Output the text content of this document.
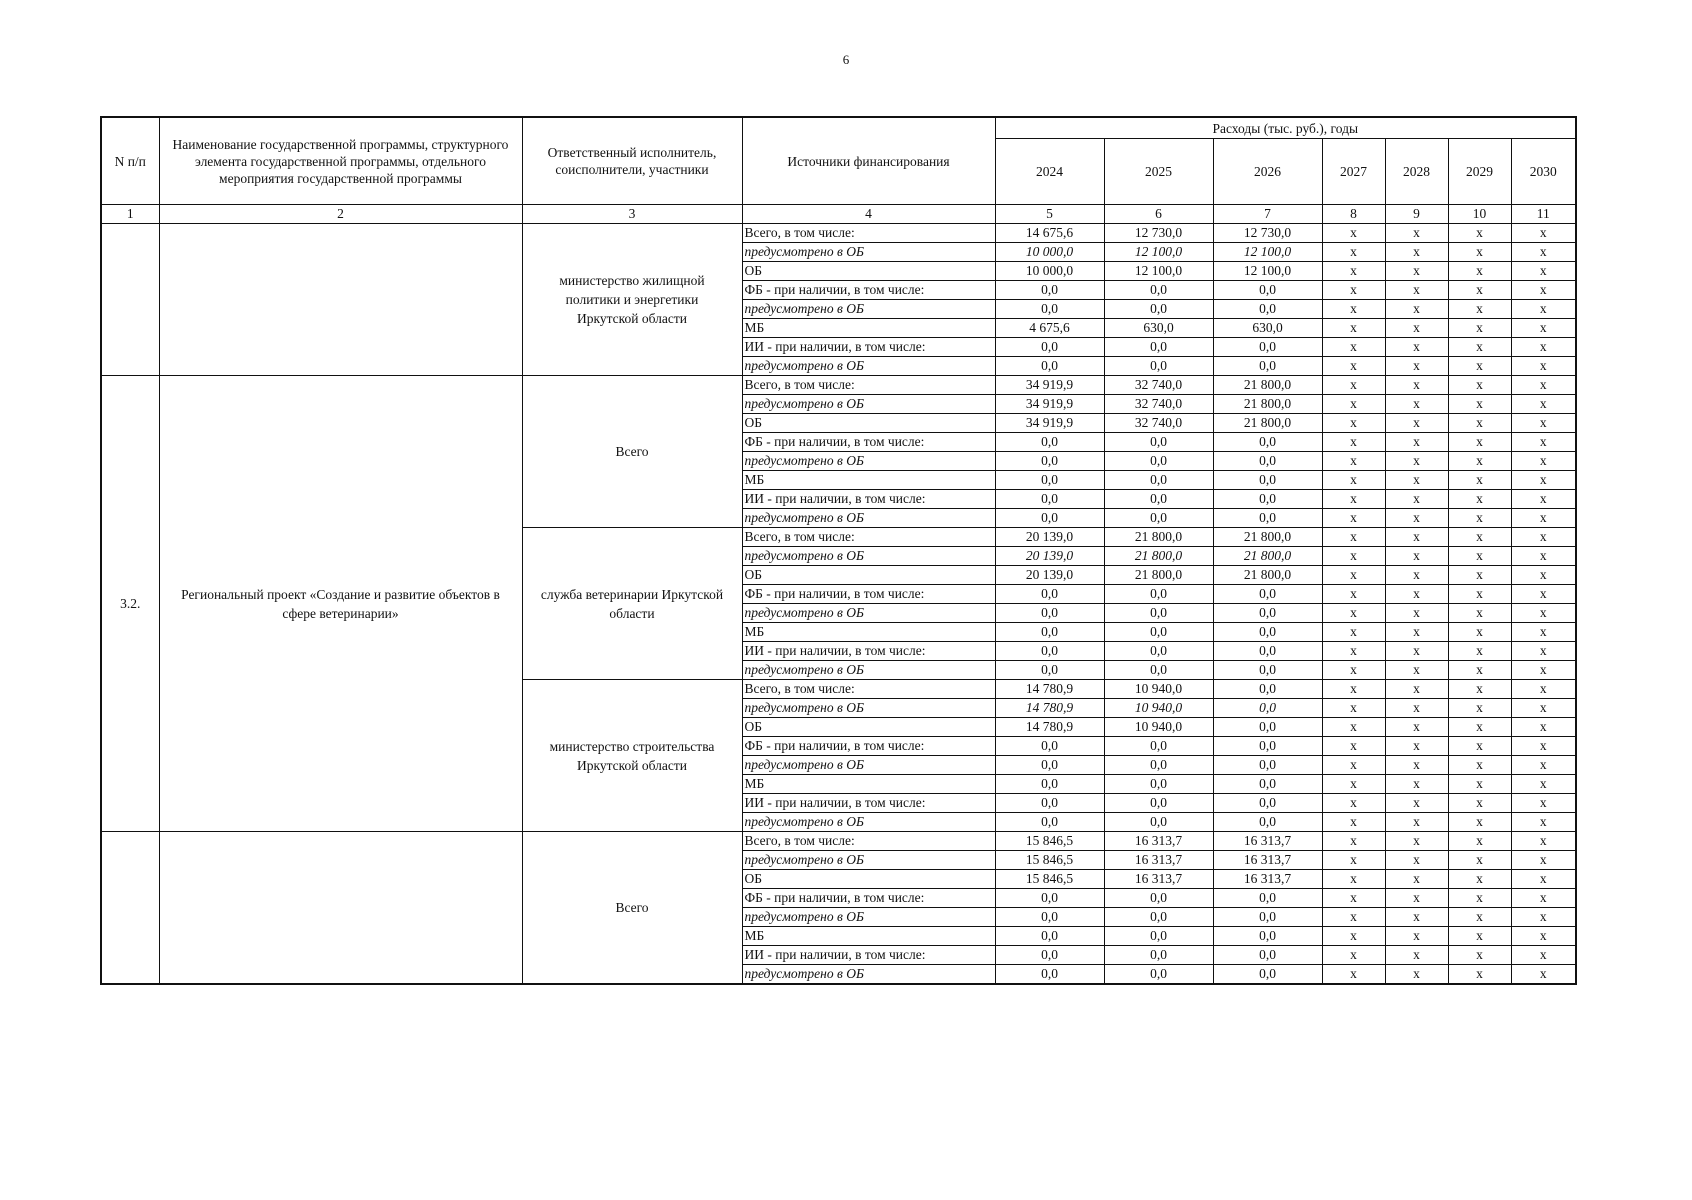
6
N п/п	Наименование государственной программы, структурного элемента государственной программы, отдельного мероприятия государственной программы	Ответственный исполнитель, соисполнители, участники	Источники финансирования	Расходы (тыс. руб.), годы						
				2024	2025	2026	2027	2028	2029	2030
1	2	3	4	5	6	7	8	9	10	11
		министерство жилищной политики и энергетики Иркутской области	Всего, в том числе:	14 675,6	12 730,0	12 730,0	x	x	x	x
			предусмотрено в ОБ	10 000,0	12 100,0	12 100,0	x	x	x	x
			ОБ	10 000,0	12 100,0	12 100,0	x	x	x	x
			ФБ - при наличии, в том числе:	0,0	0,0	0,0	x	x	x	x
			предусмотрено в ОБ	0,0	0,0	0,0	x	x	x	x
			МБ	4 675,6	630,0	630,0	x	x	x	x
			ИИ - при наличии, в том числе:	0,0	0,0	0,0	x	x	x	x
			предусмотрено в ОБ	0,0	0,0	0,0	x	x	x	x
3.2.	Региональный проект «Создание и развитие объектов в сфере ветеринарии»	Всего	Всего, в том числе:	34 919,9	32 740,0	21 800,0	x	x	x	x
			предусмотрено в ОБ	34 919,9	32 740,0	21 800,0	x	x	x	x
			ОБ	34 919,9	32 740,0	21 800,0	x	x	x	x
			ФБ - при наличии, в том числе:	0,0	0,0	0,0	x	x	x	x
			предусмотрено в ОБ	0,0	0,0	0,0	x	x	x	x
			МБ	0,0	0,0	0,0	x	x	x	x
			ИИ - при наличии, в том числе:	0,0	0,0	0,0	x	x	x	x
			предусмотрено в ОБ	0,0	0,0	0,0	x	x	x	x
		служба ветеринарии Иркутской области	Всего, в том числе:	20 139,0	21 800,0	21 800,0	x	x	x	x
			предусмотрено в ОБ	20 139,0	21 800,0	21 800,0	x	x	x	x
			ОБ	20 139,0	21 800,0	21 800,0	x	x	x	x
			ФБ - при наличии, в том числе:	0,0	0,0	0,0	x	x	x	x
			предусмотрено в ОБ	0,0	0,0	0,0	x	x	x	x
			МБ	0,0	0,0	0,0	x	x	x	x
			ИИ - при наличии, в том числе:	0,0	0,0	0,0	x	x	x	x
			предусмотрено в ОБ	0,0	0,0	0,0	x	x	x	x
		министерство строительства Иркутской области	Всего, в том числе:	14 780,9	10 940,0	0,0	x	x	x	x
			предусмотрено в ОБ	14 780,9	10 940,0	0,0	x	x	x	x
			ОБ	14 780,9	10 940,0	0,0	x	x	x	x
			ФБ - при наличии, в том числе:	0,0	0,0	0,0	x	x	x	x
			предусмотрено в ОБ	0,0	0,0	0,0	x	x	x	x
			МБ	0,0	0,0	0,0	x	x	x	x
			ИИ - при наличии, в том числе:	0,0	0,0	0,0	x	x	x	x
			предусмотрено в ОБ	0,0	0,0	0,0	x	x	x	x
		Всего	Всего, в том числе:	15 846,5	16 313,7	16 313,7	x	x	x	x
			предусмотрено в ОБ	15 846,5	16 313,7	16 313,7	x	x	x	x
			ОБ	15 846,5	16 313,7	16 313,7	x	x	x	x
			ФБ - при наличии, в том числе:	0,0	0,0	0,0	x	x	x	x
			предусмотрено в ОБ	0,0	0,0	0,0	x	x	x	x
			МБ	0,0	0,0	0,0	x	x	x	x
			ИИ - при наличии, в том числе:	0,0	0,0	0,0	x	x	x	x
			предусмотрено в ОБ	0,0	0,0	0,0	x	x	x	x
